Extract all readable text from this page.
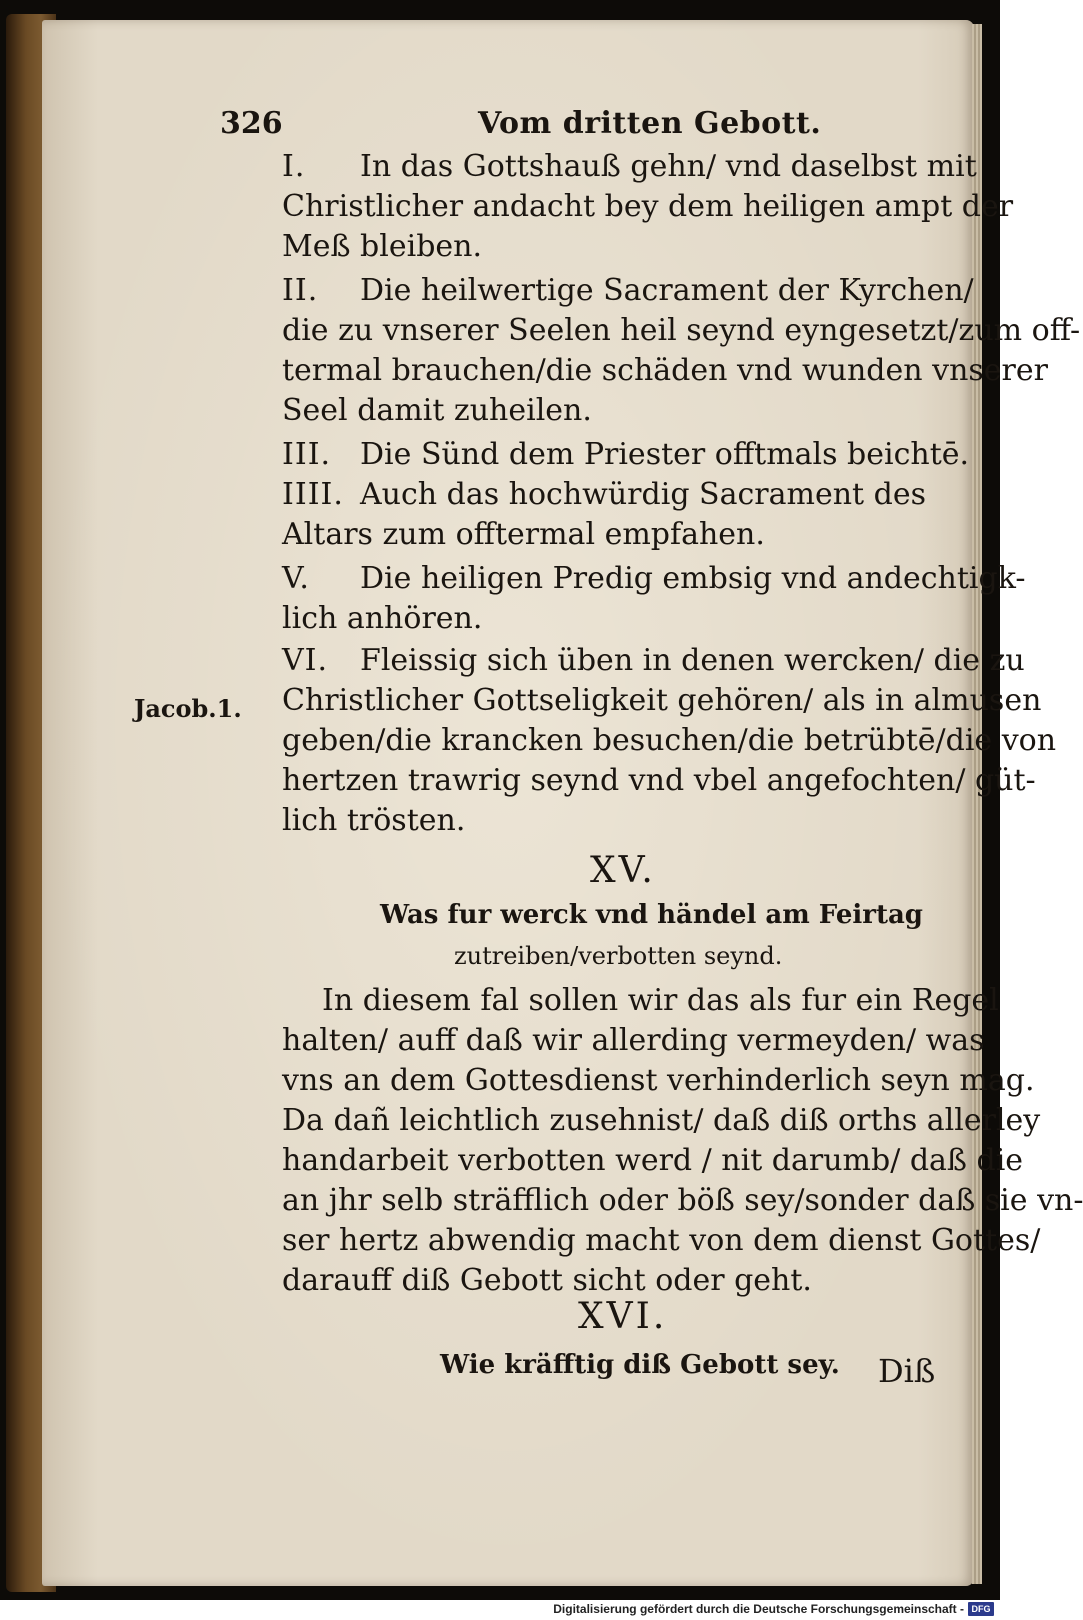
326	Vom dritten Gebott.
I. In das Gottshauß gehn/ vnd daselbst mit
Christlicher andacht bey dem heiligen ampt der
Meß bleiben.
II. Die heilwertige Sacrament der Kyrchen/
die zu vnserer Seelen heil seynd eyngesetzt/zum off-
termal brauchen/die schäden vnd wunden vnserer
Seel damit zuheilen.
III. Die Sünd dem Priester offtmals beichtē.
IIII. Auch das hochwürdig Sacrament des
Altars zum offtermal empfahen.
V. Die heiligen Predig embsig vnd andechtigk-
lich anhören.
VI. Fleissig sich üben in denen wercken/ die zu
Christlicher Gottseligkeit gehören/ als in almusen
geben/die krancken besuchen/die betrübtē/die von
hertzen trawrig seynd vnd vbel angefochten/ güt-
lich trösten.
Jacob.1.
XV.
Was fur werck vnd händel am Feirtag
zutreiben/verbotten seynd.
In diesem fal sollen wir das als fur ein Regel
halten/ auff daß wir allerding vermeyden/ was
vns an dem Gottesdienst verhinderlich seyn mag.
Da dañ leichtlich zusehnist/ daß diß orths allerley
handarbeit verbotten werd / nit darumb/ daß die
an jhr selb sträfflich oder böß sey/sonder daß sie vn-
ser hertz abwendig macht von dem dienst Gottes/
darauff diß Gebott sicht oder geht.
XVI.
Wie kräfftig diß Gebott sey. Diß
Digitalisierung gefördert durch die Deutsche Forschungsgemeinschaft - DFG
